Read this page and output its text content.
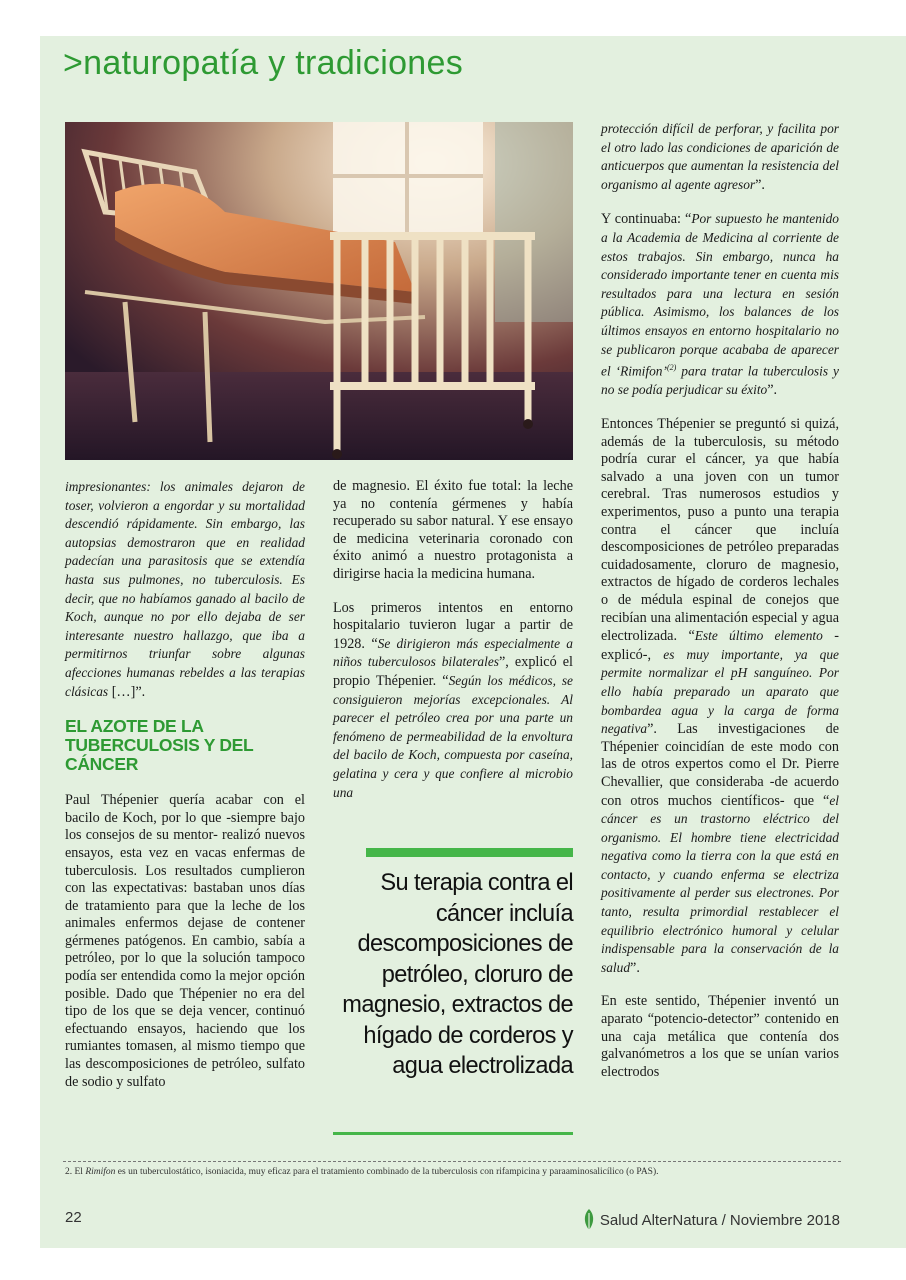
>naturopatía y tradiciones

impresionantes: los animales dejaron de toser, volvieron a engordar y su mortalidad descendió rápidamente. Sin embargo, las autopsias demostraron que en realidad padecían una parasitosis que se extendía hasta sus pulmones, no tuberculosis. Es decir, que no habíamos ganado al bacilo de Koch, aunque no por ello dejaba de ser interesante nuestro hallazgo, que iba a permitirnos triunfar sobre algunas afecciones humanas rebeldes a las terapias clásicas […]”.

EL AZOTE DE LA TUBERCULOSIS Y DEL CÁNCER

Paul Thépenier quería acabar con el bacilo de Koch, por lo que -siempre bajo los consejos de su mentor- realizó nuevos ensayos, esta vez en vacas enfermas de tuberculosis. Los resultados cumplieron con las expectativas: bastaban unos días de tratamiento para que la leche de los animales enfermos dejase de contener gérmenes patógenos. En cambio, sabía a petróleo, por lo que la solución tampoco podía ser entendida como la mejor opción posible. Dado que Thépenier no era del tipo de los que se deja vencer, continuó efectuando ensayos, haciendo que los rumiantes tomasen, al mismo tiempo que las descomposiciones de petróleo, sulfato de sodio y sulfato

de magnesio. El éxito fue total: la leche ya no contenía gérmenes y había recuperado su sabor natural. Y ese ensayo de medicina veterinaria coronado con éxito animó a nuestro protagonista a dirigirse hacia la medicina humana.

Los primeros intentos en entorno hospitalario tuvieron lugar a partir de 1928. “Se dirigieron más especialmente a niños tuberculosos bilaterales”, explicó el propio Thépenier. “Según los médicos, se consiguieron mejorías excepcionales. Al parecer el petróleo crea por una parte un fenómeno de permeabilidad de la envoltura del bacilo de Koch, compuesta por caseína, gelatina y cera y que confiere al microbio una

Su terapia contra el cáncer incluía descomposiciones de petróleo, cloruro de magnesio, extractos de hígado de corderos y agua electrolizada

protección difícil de perforar, y facilita por el otro lado las condiciones de aparición de anticuerpos que aumentan la resistencia del organismo al agente agresor”.

Y continuaba: “Por supuesto he mantenido a la Academia de Medicina al corriente de estos trabajos. Sin embargo, nunca ha considerado importante tener en cuenta mis resultados para una lectura en sesión pública. Asimismo, los balances de los últimos ensayos en entorno hospitalario no se publicaron porque acababa de aparecer el ‘Rimifon’$^{(2)}$ para tratar la tuberculosis y no se podía perjudicar su éxito”.

Entonces Thépenier se preguntó si quizá, además de la tuberculosis, su método podría curar el cáncer, ya que había salvado a una joven con un tumor cerebral. Tras numerosos estudios y experimentos, puso a punto una terapia contra el cáncer que incluía descomposiciones de petróleo preparadas cuidadosamente, cloruro de magnesio, extractos de hígado de corderos lechales o de médula espinal de conejos que recibían una alimentación especial y agua electrolizada. “Este último elemento -explicó-, es muy importante, ya que permite normalizar el pH sanguíneo. Por ello había preparado un aparato que bombardea agua y la carga de forma negativa”. Las investigaciones de Thépenier coincidían de este modo con las de otros expertos como el Dr. Pierre Chevallier, que consideraba -de acuerdo con otros muchos científicos- que “el cáncer es un trastorno eléctrico del organismo. El hombre tiene electricidad negativa como la tierra con la que está en contacto, y cuando enferma se electriza positivamente al perder sus electrones. Por tanto, resulta primordial restablecer el equilibrio electrónico humoral y celular indispensable para la conservación de la salud”.

En este sentido, Thépenier inventó un aparato “potencio-detector” contenido en una caja metálica que contenía dos galvanómetros a los que se unían varios electrodos

2. El Rimifon es un tuberculostático, isoniacida, muy eficaz para el tratamiento combinado de la tuberculosis con rifampicina y paraaminosalicílico (o PAS).
22	Salud AlterNatura / Noviembre 2018
